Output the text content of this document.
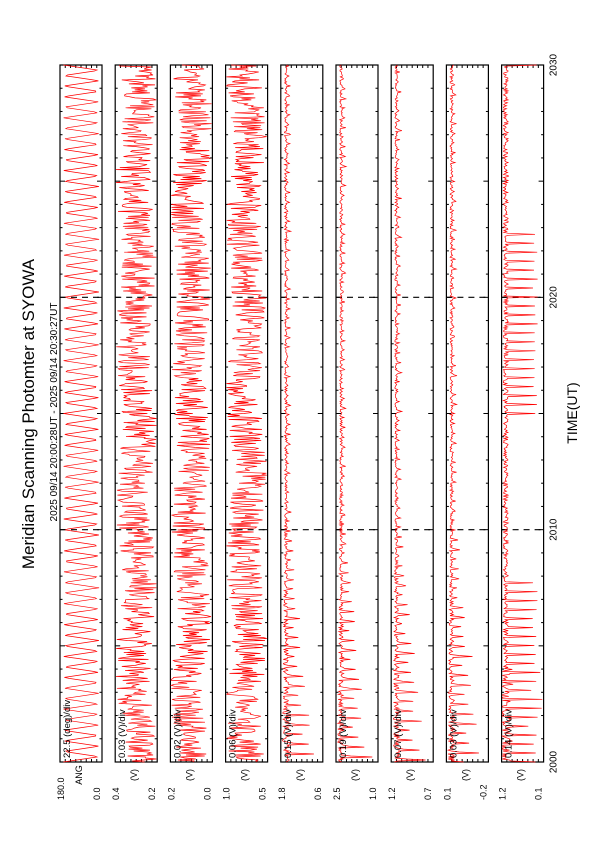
Meridian Scanning Photomter at SYOWA 2025 09/14 20:00:28UT - 2025 09/14 20:30:27UT	TIME(UT)
180.0
ANG
0.0
22.5 (deg)/div
0.4
(V)
0.2
0.03 (V)/div
0.2
(V)
0.0
0.02 (V)/div
1.0
(V)
0.5
0.06 (V)/div
1.8
(V)
0.6
0.15 (V)/div
2.5
(V)
1.0
0.19 (V)/div
1.2
(V)
0.7
0.07 (V)/div
0.1
(V)
-0.2
0.03 (V)/div
1.2
(V)
0.1
0.14 (V)/div
2000
2010
2020
2030
